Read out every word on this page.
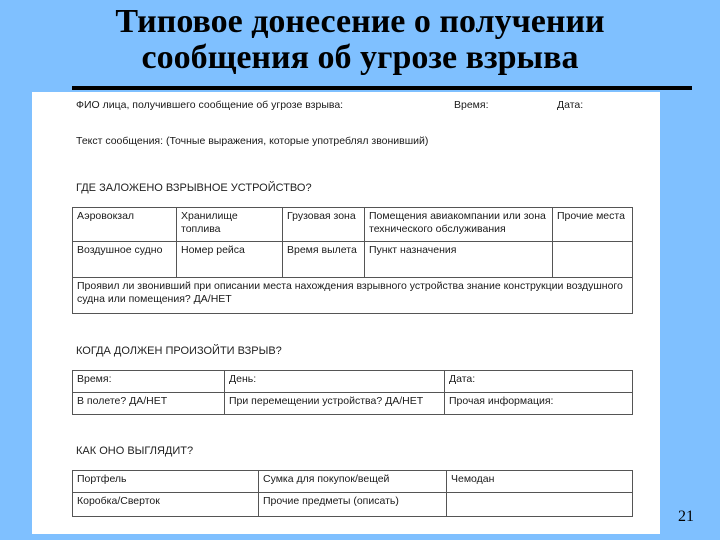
Типовое донесение о получении
сообщения об угрозе взрыва
ФИО лица, получившего сообщение об угрозе взрыва:	Время:	Дата:
Текст сообщения: (Точные выражения, которые употреблял звонивший)
ГДЕ ЗАЛОЖЕНО ВЗРЫВНОЕ УСТРОЙСТВО?
Аэровокзал	Хранилище топлива	Грузовая зона	Помещения авиакомпании или зона технического обслуживания	Прочие места
Воздушное судно	Номер рейса	Время вылета	Пункт назначения	
Проявил ли звонивший при описании места нахождения взрывного устройства знание конструкции воздушного судна или помещения? ДА/НЕТ				
КОГДА ДОЛЖЕН ПРОИЗОЙТИ ВЗРЫВ?
Время:	День:	Дата:
В полете? ДА/НЕТ	При перемещении устройства? ДА/НЕТ	Прочая информация:
КАК ОНО ВЫГЛЯДИТ?
Портфель	Сумка для покупок/вещей	Чемодан
Коробка/Сверток	Прочие предметы (описать)	
21
